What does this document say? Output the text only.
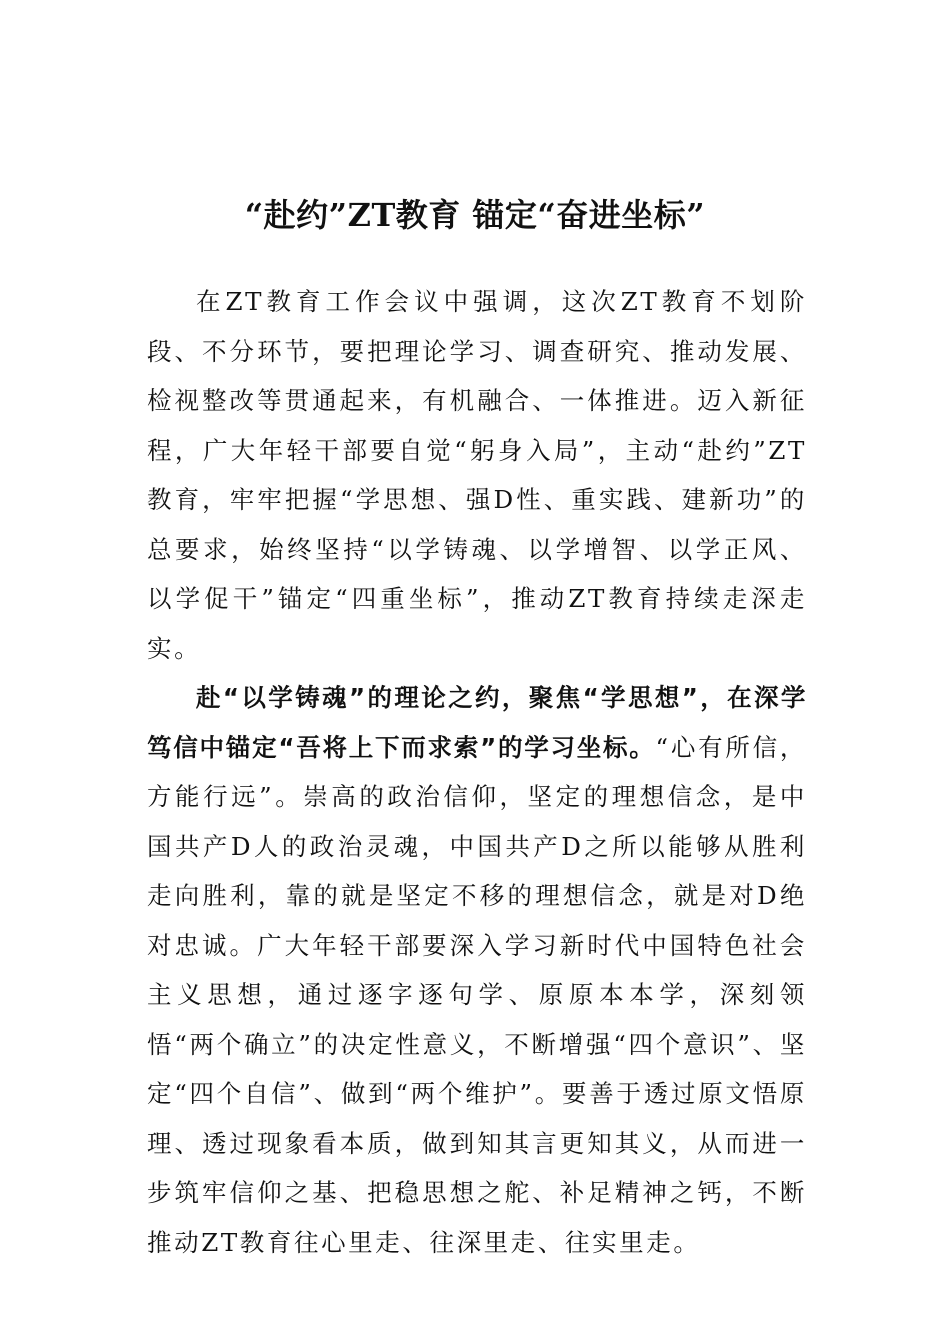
“赴约”ZT教育 锚定“奋进坐标”

在ZT教育工作会议中强调，这次ZT教育不划阶段、不分环节，要把理论学习、调查研究、推动发展、检视整改等贯通起来，有机融合、一体推进。迈入新征程，广大年轻干部要自觉“躬身入局”，主动“赴约”ZT教育，牢牢把握“学思想、强D性、重实践、建新功”的总要求，始终坚持“以学铸魂、以学增智、以学正风、以学促干”锚定“四重坐标”，推动ZT教育持续走深走实。

赴“以学铸魂”的理论之约，聚焦“学思想”，在深学笃信中锚定“吾将上下而求索”的学习坐标。“心有所信，方能行远”。崇高的政治信仰，坚定的理想信念，是中国共产D人的政治灵魂，中国共产D之所以能够从胜利走向胜利，靠的就是坚定不移的理想信念，就是对D绝对忠诚。广大年轻干部要深入学习新时代中国特色社会主义思想，通过逐字逐句学、原原本本学，深刻领悟“两个确立”的决定性意义，不断增强“四个意识”、坚定“四个自信”、做到“两个维护”。要善于透过原文悟原理、透过现象看本质，做到知其言更知其义，从而进一步筑牢信仰之基、把稳思想之舵、补足精神之钙，不断推动ZT教育往心里走、往深里走、往实里走。
